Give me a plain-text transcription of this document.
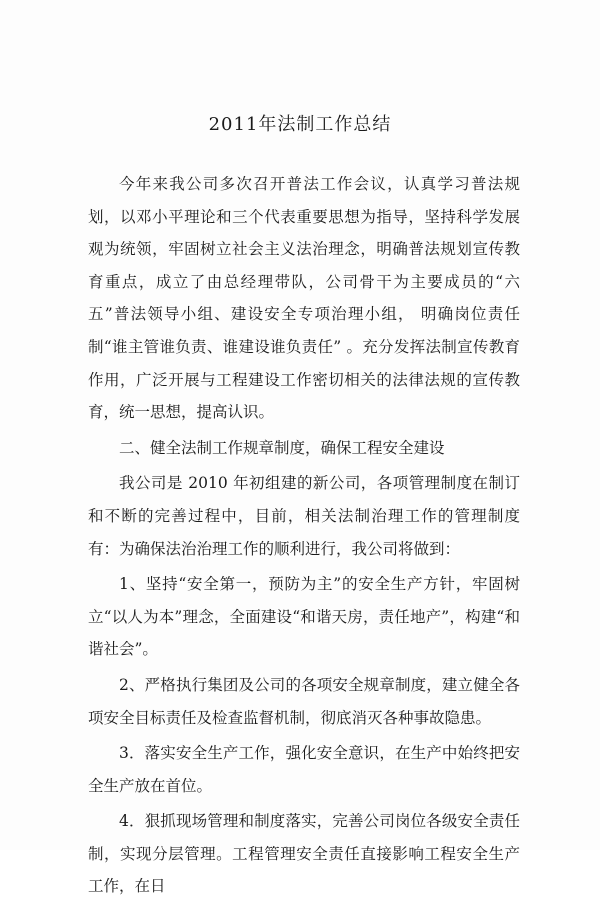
2011年法制工作总结

今年来我公司多次召开普法工作会议，认真学习普法规划，以邓小平理论和三个代表重要思想为指导，坚持科学发展观为统领，牢固树立社会主义法治理念，明确普法规划宣传教育重点，成立了由总经理带队，公司骨干为主要成员的“六五”普法领导小组、建设安全专项治理小组， 明确岗位责任制“谁主管谁负责、谁建设谁负责任” 。充分发挥法制宣传教育作用，广泛开展与工程建设工作密切相关的法律法规的宣传教育，统一思想，提高认识。

二、健全法制工作规章制度，确保工程安全建设

我公司是 2010 年初组建的新公司，各项管理制度在制订和不断的完善过程中，目前，相关法制治理工作的管理制度有：为确保法治治理工作的顺利进行，我公司将做到：

1、坚持“安全第一，预防为主”的安全生产方针，牢固树立“以人为本”理念，全面建设“和谐天房，责任地产”，构建“和谐社会”。

2、严格执行集团及公司的各项安全规章制度，建立健全各项安全目标责任及检查监督机制，彻底消灭各种事故隐患。

3．落实安全生产工作，强化安全意识，在生产中始终把安全生产放在首位。

4．狠抓现场管理和制度落实，完善公司岗位各级安全责任制，实现分层管理。工程管理安全责任直接影响工程安全生产工作，在日
